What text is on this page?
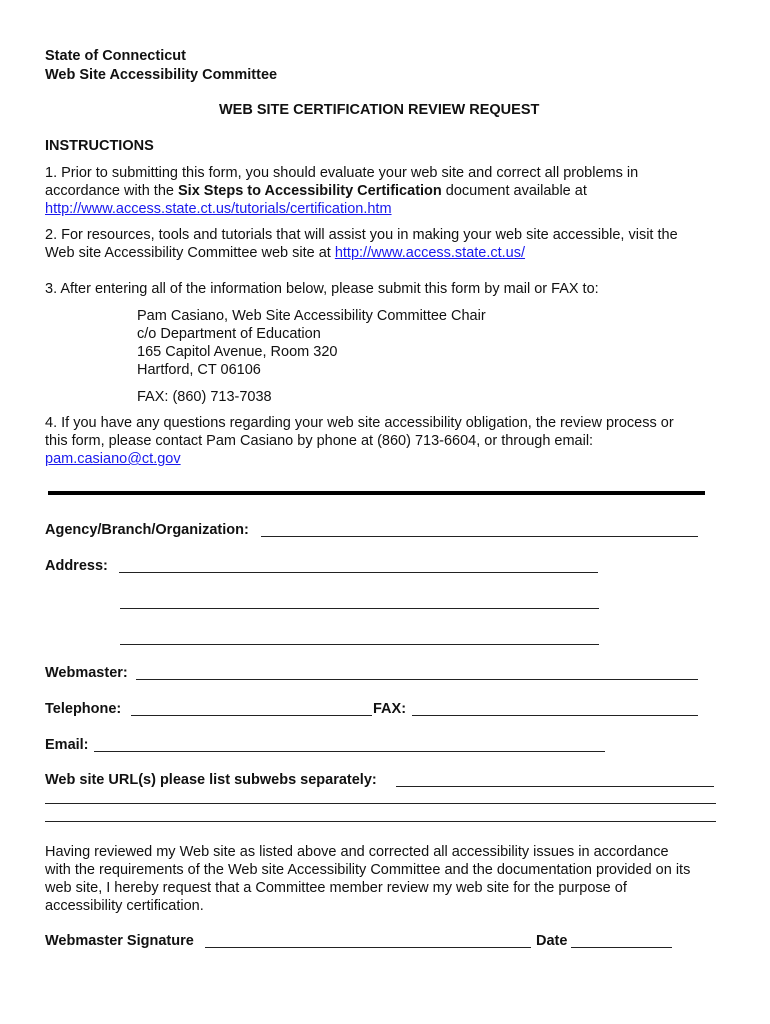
State of Connecticut
Web Site Accessibility Committee
WEB SITE CERTIFICATION REVIEW REQUEST
INSTRUCTIONS
1. Prior to submitting this form, you should evaluate your web site and correct all problems in
accordance with the Six Steps to Accessibility Certification document available at
http://www.access.state.ct.us/tutorials/certification.htm
2. For resources, tools and tutorials that will assist you in making your web site accessible, visit the
Web site Accessibility Committee web site at http://www.access.state.ct.us/
3. After entering all of the information below, please submit this form by mail or FAX to:
Pam Casiano, Web Site Accessibility Committee Chair
c/o Department of Education
165 Capitol Avenue, Room 320
Hartford, CT 06106
FAX: (860) 713-7038
4. If you have any questions regarding your web site accessibility obligation, the review process or
this form, please contact Pam Casiano by phone at (860) 713-6604, or through email:
pam.casiano@ct.gov
Agency/Branch/Organization:
Address:
Webmaster:
Telephone:	FAX:
Email:
Web site URL(s) please list subwebs separately:
Having reviewed my Web site as listed above and corrected all accessibility issues in accordance
with the requirements of the Web site Accessibility Committee and the documentation provided on its
web site, I hereby request that a Committee member review my web site for the purpose of
accessibility certification.
Webmaster Signature	Date
